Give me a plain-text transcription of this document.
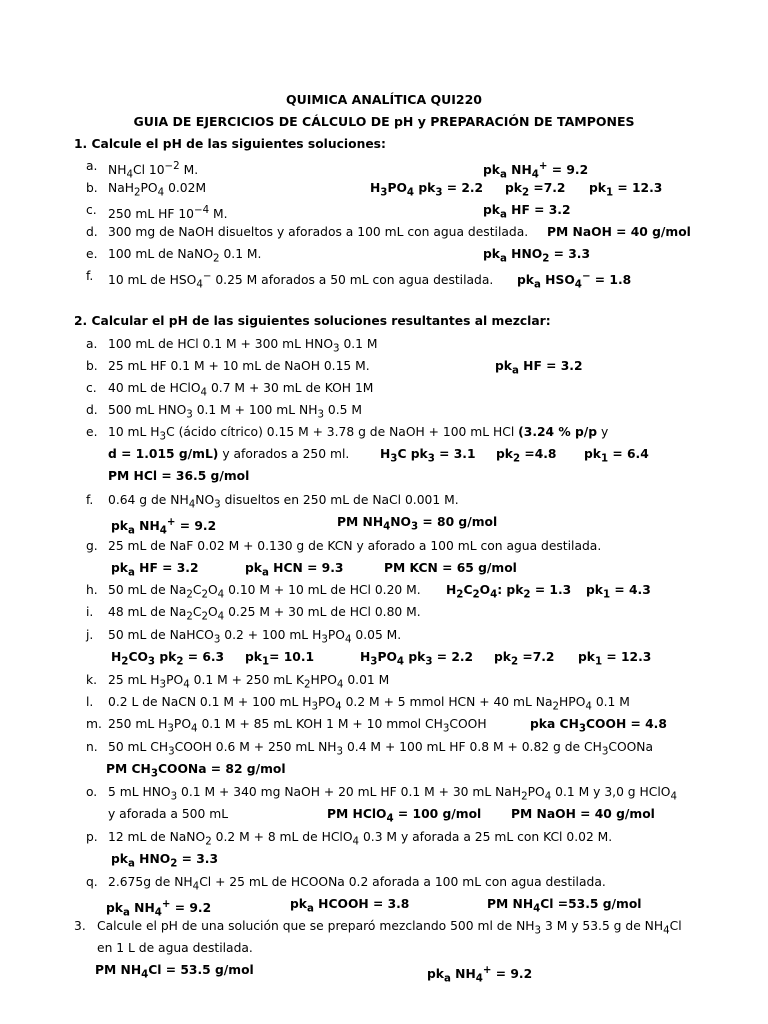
QUIMICA ANALÍTICA QUI220
GUIA DE EJERCICIOS DE CÁLCULO DE pH y PREPARACIÓN DE TAMPONES
1. Calcule el pH de las siguientes soluciones:
a. $NH_4Cl$ $10^{-2}$ M.	$pk_a$ $NH_4^+ = 9.2$
b. $NaH_2PO_4$ 0.02M	$H_3PO_4$ $pk_3 = 2.2$ $pk_2 =7.2$ $pk_1 = 12.3$
c. 250 mL HF $10^{-4}$ M.	$pk_a$ HF = 3.2
d. 300 mg de NaOH disueltos y aforados a 100 mL con agua destilada. PM NaOH = 40 g/mol
e. 100 mL de NaNO$_2$ 0.1 M.	$pk_a$ $HNO_2 = 3.3$
f. 10 mL de $HSO_4^-$ 0.25 M aforados a 50 mL con agua destilada. $pk_a$ $HSO_4^- = 1.8$
2. Calcular el pH de las siguientes soluciones resultantes al mezclar:
a. 100 mL de HCl 0.1 M + 300 mL $HNO_3$ 0.1 M
b. 25 mL HF 0.1 M + 10 mL de NaOH 0.15 M.	$pk_a$ HF = 3.2
c. 40 mL de HClO$_4$ 0.7 M + 30 mL de KOH 1M
d. 500 mL $HNO_3$ 0.1 M + 100 mL $NH_3$ 0.5 M
e. 10 mL $H_3C$ (ácido cítrico) 0.15 M + 3.78 g de NaOH + 100 mL HCl (3.24 % p/p y
d = 1.015 g/mL) y aforados a 250 ml. $H_3C$ $pk_3 = 3.1$ $pk_2 =4.8$ $pk_1 = 6.4$
PM HCl = 36.5 g/mol
f. 0.64 g de $NH_4NO_3$ disueltos en 250 mL de NaCl 0.001 M.
$pk_a$ $NH_4^+ = 9.2$	PM $NH_4NO_3 = 80$ g/mol
g. 25 mL de NaF 0.02 M + 0.130 g de KCN y aforado a 100 mL con agua destilada.
$pk_a$ HF = 3.2	$pk_a$ HCN = 9.3	PM KCN = 65 g/mol
h. 50 mL de $Na_2C_2O_4$ 0.10 M + 10 mL de HCl 0.20 M. $H_2C_2O_4$: $pk_2 = 1.3$ $pk_1 = 4.3$
i. 48 mL de $Na_2C_2O_4$ 0.25 M + 30 mL de HCl 0.80 M.
j. 50 mL de NaHCO$_3$ 0.2 + 100 mL $H_3PO_4$ 0.05 M.
$H_2CO_3$ $pk_2 = 6.3$ $pk_1= 10.1$	$H_3PO_4$ $pk_3 = 2.2$ $pk_2 =7.2$ $pk_1 = 12.3$
k. 25 mL $H_3PO_4$ 0.1 M + 250 mL $K_2HPO_4$ 0.01 M
l. 0.2 L de NaCN 0.1 M + 100 mL $H_3PO_4$ 0.2 M + 5 mmol HCN + 40 mL $Na_2HPO_4$ 0.1 M
m. 250 mL $H_3PO_4$ 0.1 M + 85 mL KOH 1 M + 10 mmol $CH_3COOH$	pka $CH_3COOH = 4.8$
n. 50 mL $CH_3COOH$ 0.6 M + 250 mL $NH_3$ 0.4 M + 100 mL HF 0.8 M + 0.82 g de $CH_3COONa$
PM $CH_3COONa = 82$ g/mol
o. 5 mL $HNO_3$ 0.1 M + 340 mg NaOH + 20 mL HF 0.1 M + 30 mL $NaH_2PO_4$ 0.1 M y 3,0 g HClO$_4$
y aforada a 500 mL	PM HClO$_4$ = 100 g/mol PM NaOH = 40 g/mol
p. 12 mL de NaNO$_2$ 0.2 M + 8 mL de HClO$_4$ 0.3 M y aforada a 25 mL con KCl 0.02 M.
$pk_a$ $HNO_2 = 3.3$
q. 2.675g de $NH_4Cl + 25$ mL de HCOONa 0.2 aforada a 100 mL con agua destilada.
$pk_a$ $NH_4^+ = 9.2$	$pk_a$ HCOOH = 3.8	PM $NH_4Cl =53.5$ g/mol
3. Calcule el pH de una solución que se preparó mezclando 500 ml de $NH_3$ 3 M y 53.5 g de $NH_4Cl$
en 1 L de agua destilada.
PM $NH_4Cl = 53.5$ g/mol	$pk_a$ $NH_4^+ = 9.2$
